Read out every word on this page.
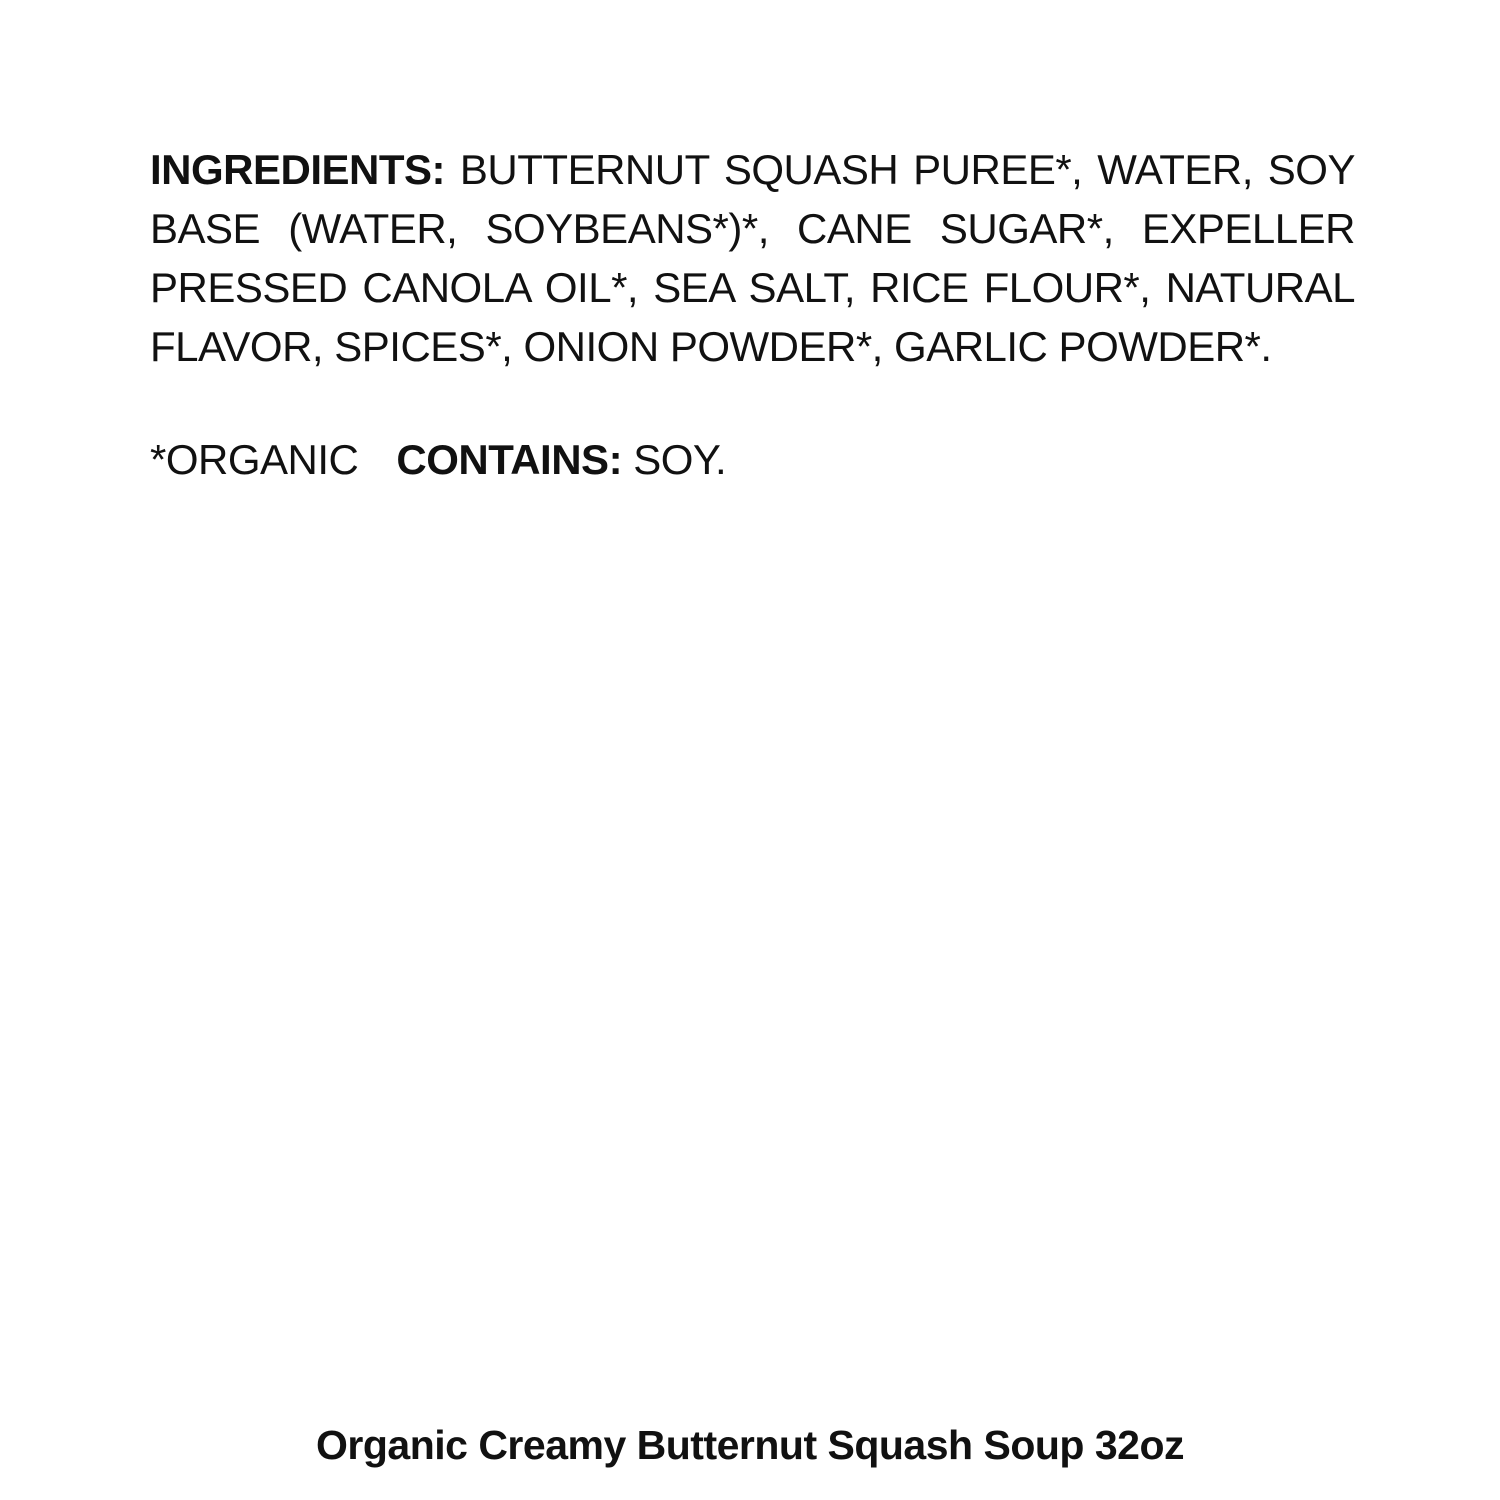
INGREDIENTS: BUTTERNUT SQUASH PUREE*, WATER, SOY BASE (WATER, SOYBEANS*)*, CANE SUGAR*, EXPELLER PRESSED CANOLA OIL*, SEA SALT, RICE FLOUR*, NATURAL FLAVOR, SPICES*, ONION POWDER*, GARLIC POWDER*.

*ORGANIC CONTAINS: SOY.

Organic Creamy Butternut Squash Soup 32oz
